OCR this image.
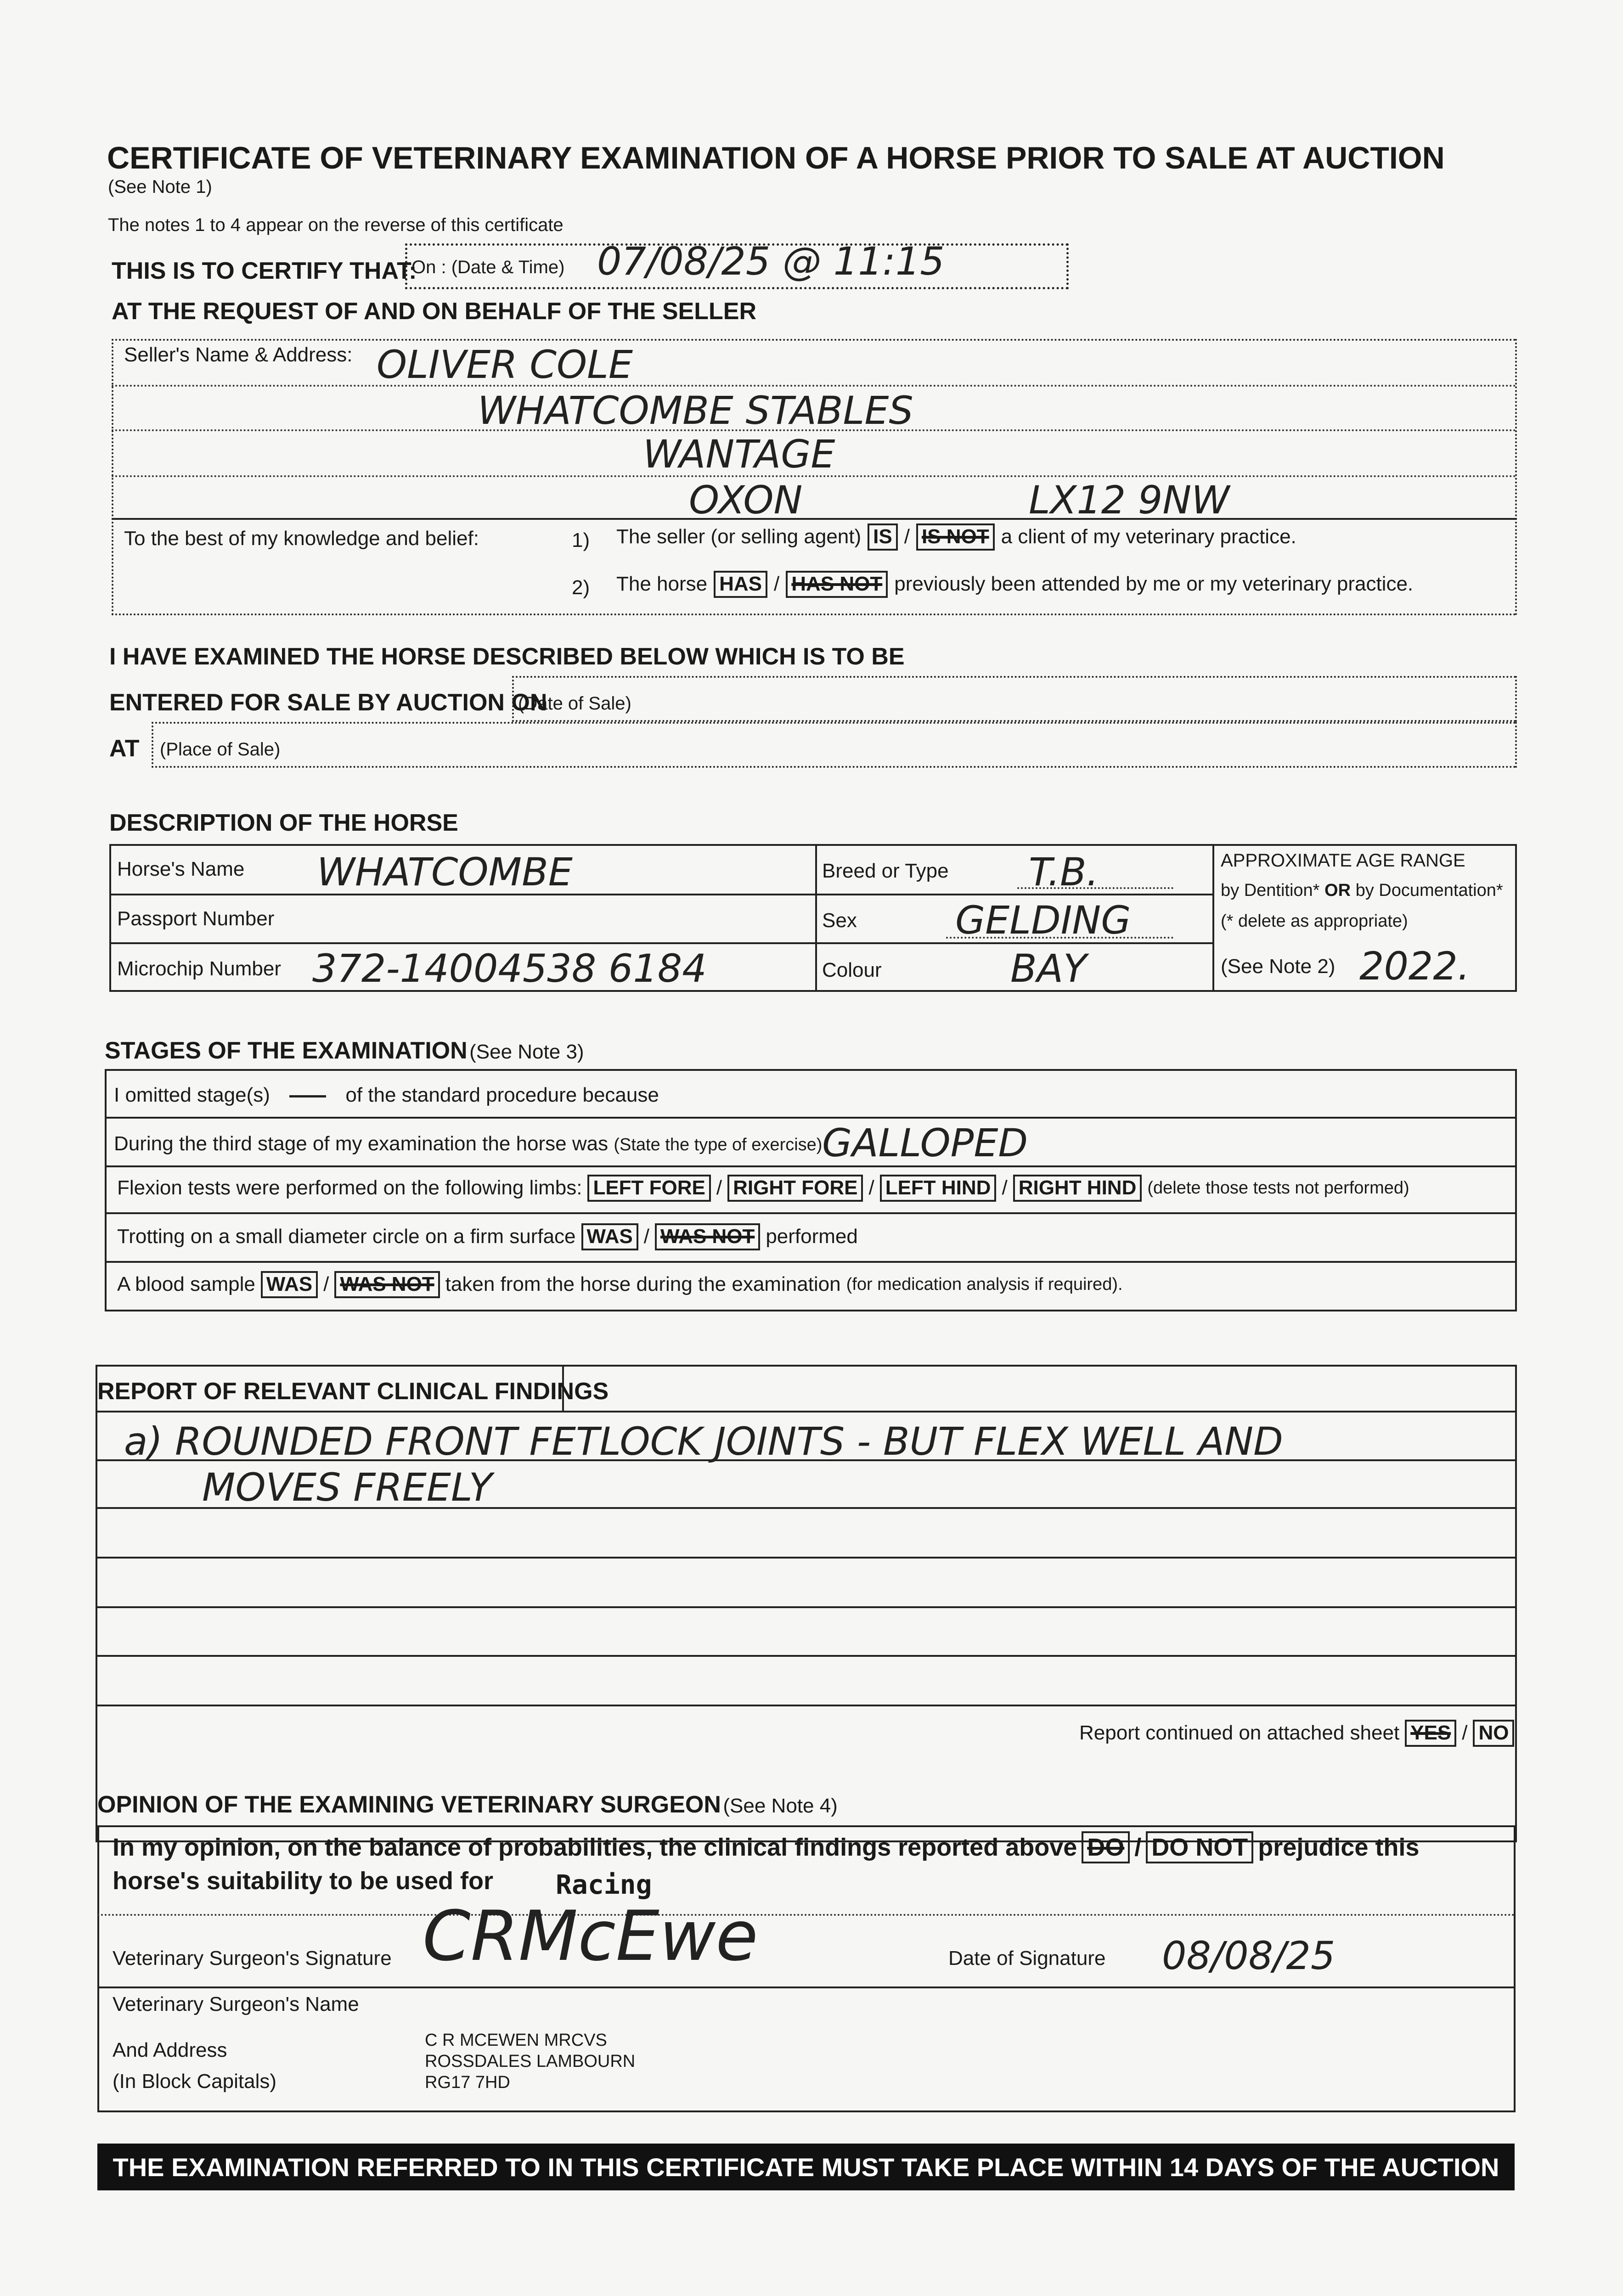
CERTIFICATE OF VETERINARY EXAMINATION OF A HORSE PRIOR TO SALE AT AUCTION
(See Note 1)
The notes 1 to 4 appear on the reverse of this certificate
THIS IS TO CERTIFY THAT:
On : (Date & Time) 07/08/25 @ 11:15
AT THE REQUEST OF AND ON BEHALF OF THE SELLER
Seller's Name & Address: OLIVER COLE
WHATCOMBE STABLES
WANTAGE
OXON	LX12 9NW
To the best of my knowledge and belief:	1) The seller (or selling agent) IS / IS NOT a client of my veterinary practice.
2) The horse HAS / HAS NOT previously been attended by me or my veterinary practice.
I HAVE EXAMINED THE HORSE DESCRIBED BELOW WHICH IS TO BE
ENTERED FOR SALE BY AUCTION ON
(Date of Sale)
AT (Place of Sale)
DESCRIPTION OF THE HORSE
Horse's Name WHATCOMBE
Passport Number
Microchip Number 372-14004538 6184
Breed or Type T.B.
Sex	GELDING
Colour	BAY
APPROXIMATE AGE RANGE
by Dentition* OR by Documentation*
(* delete as appropriate)
(See Note 2) 2022.
STAGES OF THE EXAMINATION (See Note 3)
I omitted stage(s)	of the standard procedure because
During the third stage of my examination the horse was (State the type of exercise) GALLOPED
Flexion tests were performed on the following limbs: LEFT FORE / RIGHT FORE / LEFT HIND / RIGHT HIND (delete those tests not performed)
Trotting on a small diameter circle on a firm surface WAS / WAS NOT performed
A blood sample WAS / WAS NOT taken from the horse during the examination (for medication analysis if required).
REPORT OF RELEVANT CLINICAL FINDINGS
a) ROUNDED FRONT FETLOCK JOINTS - BUT FLEX WELL AND
MOVES FREELY
Report continued on attached sheet YES / NO
OPINION OF THE EXAMINING VETERINARY SURGEON (See Note 4)
In my opinion, on the balance of probabilities, the clinical findings reported above DO / DO NOT prejudice this
horse's suitability to be used for Racing
Veterinary Surgeon's Signature CRMcEwe	Date of Signature 08/08/25
Veterinary Surgeon's Name
And Address
(In Block Capitals)
C R MCEWEN MRCVS
ROSSDALES LAMBOURN
RG17 7HD
THE EXAMINATION REFERRED TO IN THIS CERTIFICATE MUST TAKE PLACE WITHIN 14 DAYS OF THE AUCTION
